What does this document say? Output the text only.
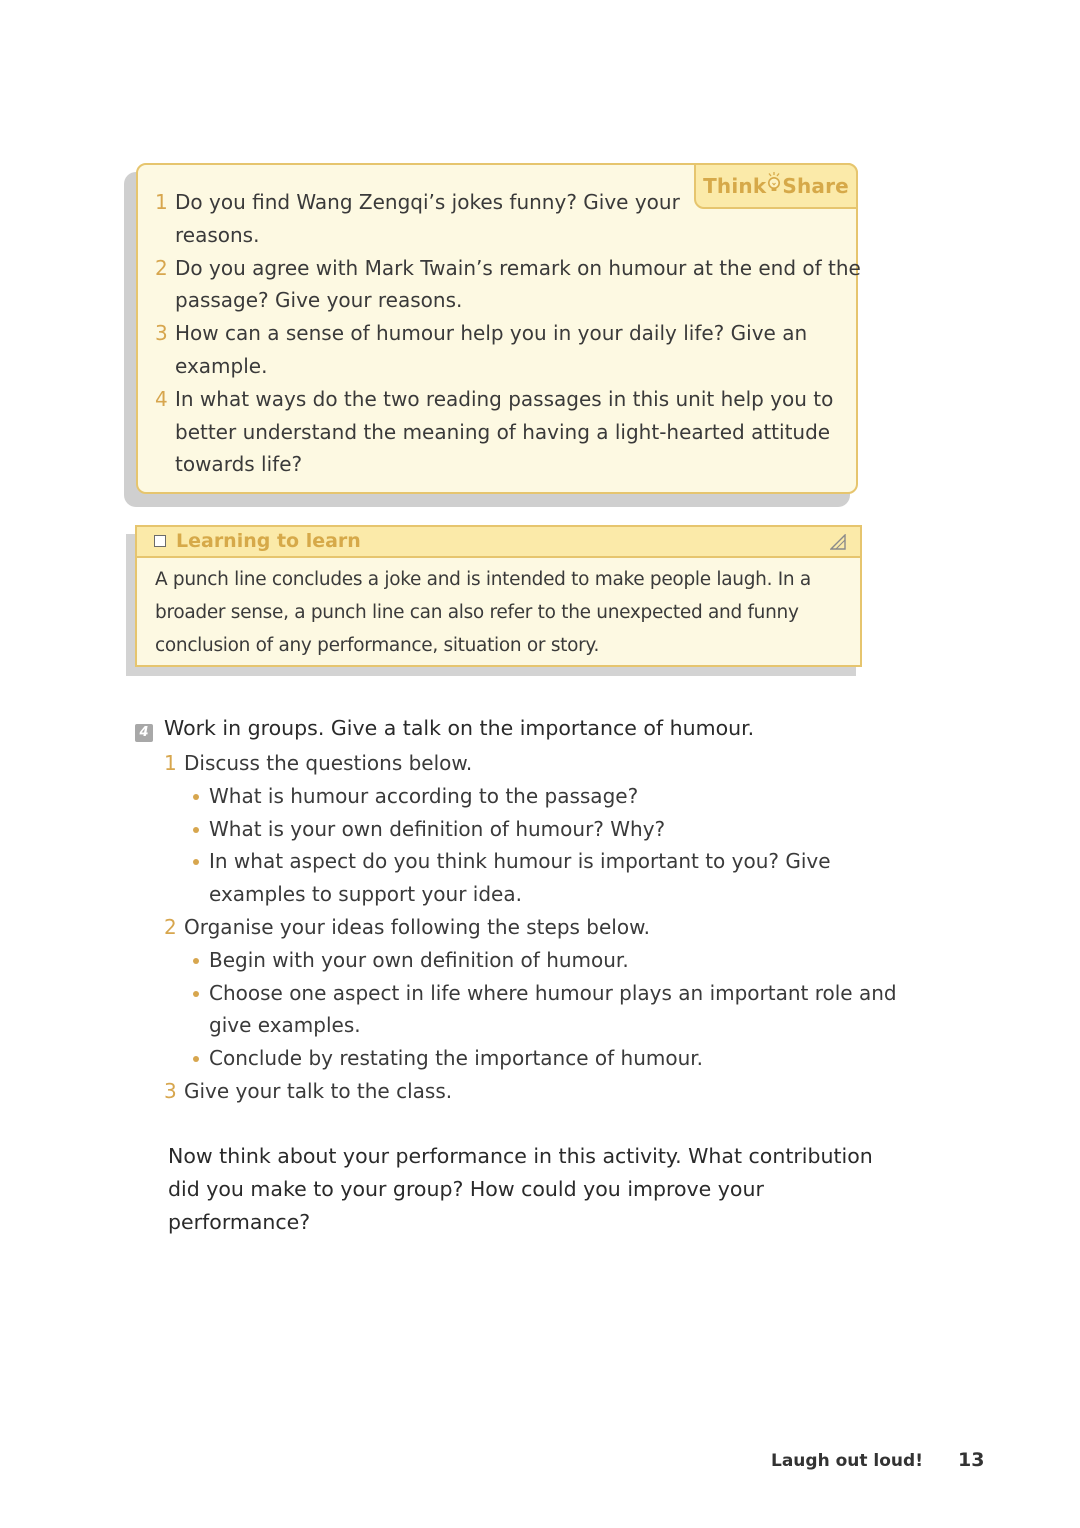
Think Share
1 Do you find Wang Zengqi’s jokes funny? Give your
reasons.
2 Do you agree with Mark Twain’s remark on humour at the end of the
passage? Give your reasons.
3 How can a sense of humour help you in your daily life? Give an
example.
4 In what ways do the two reading passages in this unit help you to
better understand the meaning of having a light-hearted attitude
towards life?
Learning to learn
A punch line concludes a joke and is intended to make people laugh. In a
broader sense, a punch line can also refer to the unexpected and funny
conclusion of any performance, situation or story.
4 Work in groups. Give a talk on the importance of humour.
1 Discuss the questions below.
What is humour according to the passage?
What is your own definition of humour? Why?
In what aspect do you think humour is important to you? Give
examples to support your idea.
2 Organise your ideas following the steps below.
Begin with your own definition of humour.
Choose one aspect in life where humour plays an important role and
give examples.
Conclude by restating the importance of humour.
3 Give your talk to the class.
Now think about your performance in this activity. What contribution
did you make to your group? How could you improve your
performance?
Laugh out loud! 13
